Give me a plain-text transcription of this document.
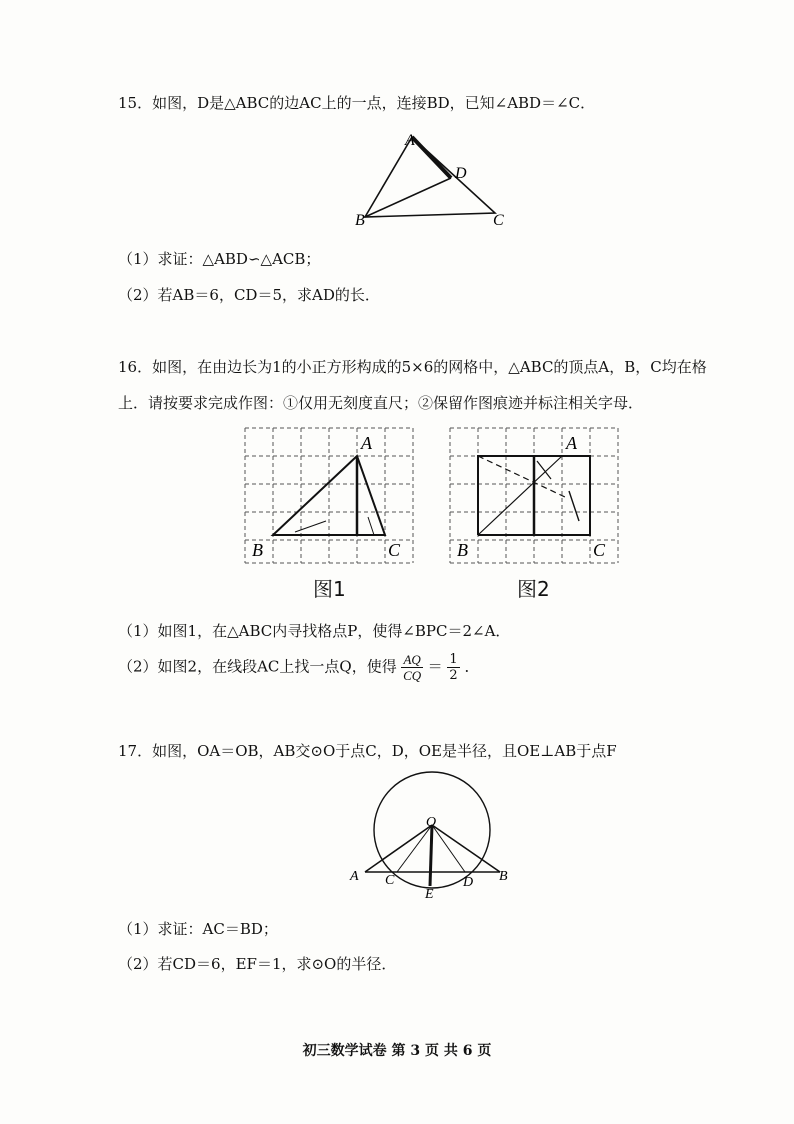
15．如图，D是△ABC的边AC上的一点，连接BD，已知∠ABD＝∠C．
A
D
B	C
（1）求证：△ABD∽△ACB；
（2）若AB＝6，CD＝5，求AD的长．
16．如图，在由边长为1的小正方形构成的5×6的网格中，△ABC的顶点A，B，C均在格
上．请按要求完成作图：①仅用无刻度直尺；②保留作图痕迹并标注相关字母．
A
B	C
图1
A
B	C
图2
（1）如图1，在△ABC内寻找格点P，使得∠BPC＝2∠A．
（2）如图2，在线段AC上找一点Q，使得 $\frac{AQ}{CQ} = \frac{1}{2}$ ．
17．如图，OA＝OB，AB交⊙O于点C，D，OE是半径，且OE⊥AB于点F
O
A C
E
D B
（1）求证：AC＝BD；
（2）若CD＝6，EF＝1，求⊙O的半径．
初三数学试卷 第 3 页 共 6 页
